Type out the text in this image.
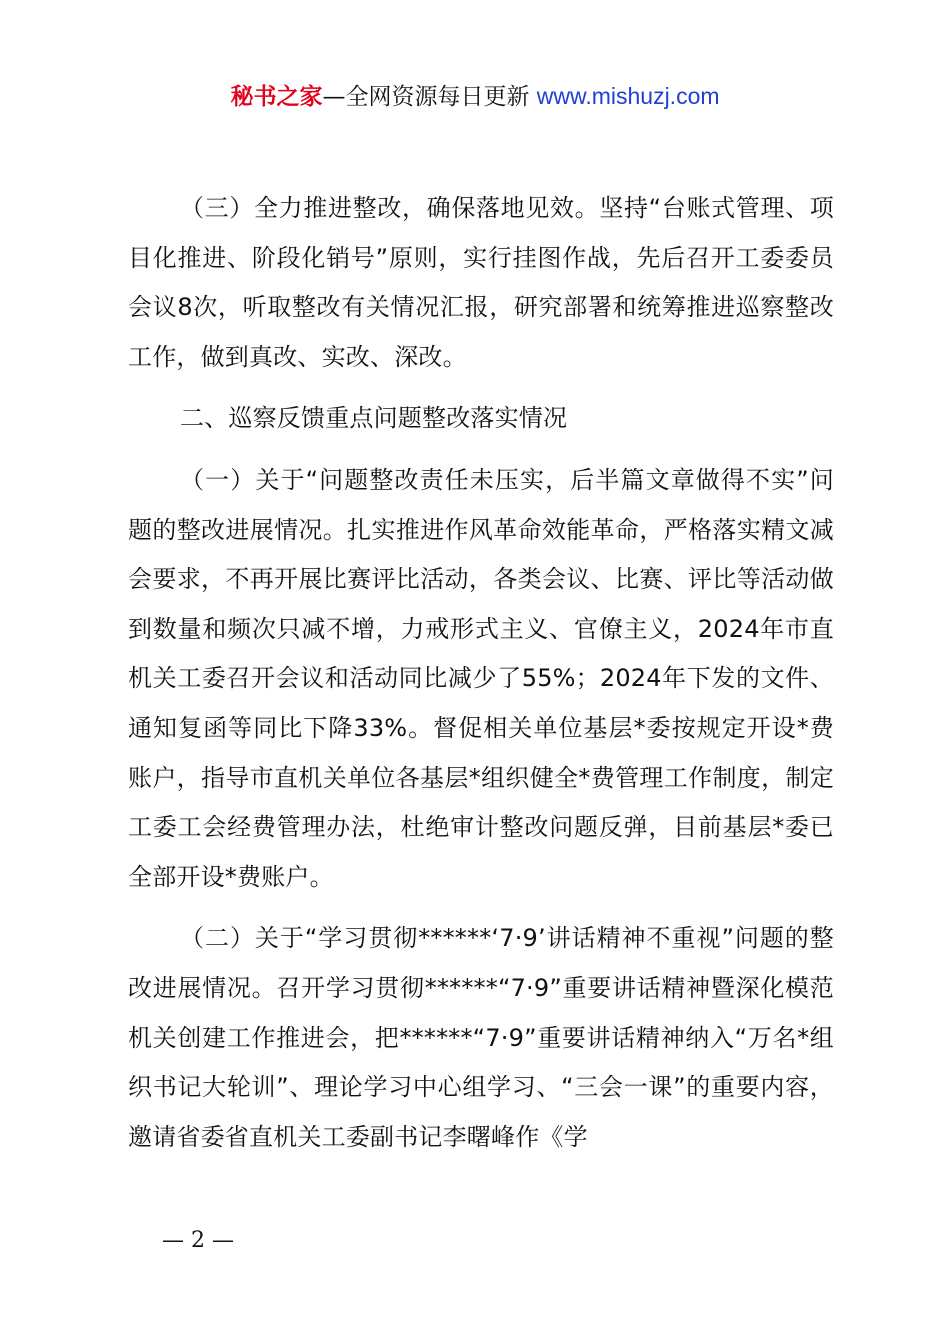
秘书之家—全网资源每日更新 www.mishuzj.com

（三）全力推进整改，确保落地见效。坚持“台账式管理、项目化推进、阶段化销号”原则，实行挂图作战，先后召开工委委员会议8次，听取整改有关情况汇报，研究部署和统筹推进巡察整改工作，做到真改、实改、深改。

二、巡察反馈重点问题整改落实情况

（一）关于“问题整改责任未压实，后半篇文章做得不实”问题的整改进展情况。扎实推进作风革命效能革命，严格落实精文减会要求，不再开展比赛评比活动，各类会议、比赛、评比等活动做到数量和频次只减不增，力戒形式主义、官僚主义，2024年市直机关工委召开会议和活动同比减少了55%；2024年下发的文件、通知复函等同比下降33%。督促相关单位基层*委按规定开设*费账户，指导市直机关单位各基层*组织健全*费管理工作制度，制定工委工会经费管理办法，杜绝审计整改问题反弹，目前基层*委已全部开设*费账户。

（二）关于“学习贯彻******‘7·9’讲话精神不重视”问题的整改进展情况。召开学习贯彻******“7·9”重要讲话精神暨深化模范机关创建工作推进会，把******“7·9”重要讲话精神纳入“万名*组织书记大轮训”、理论学习中心组学习、“三会一课”的重要内容，邀请省委省直机关工委副书记李曙峰作《学

— 2 —
